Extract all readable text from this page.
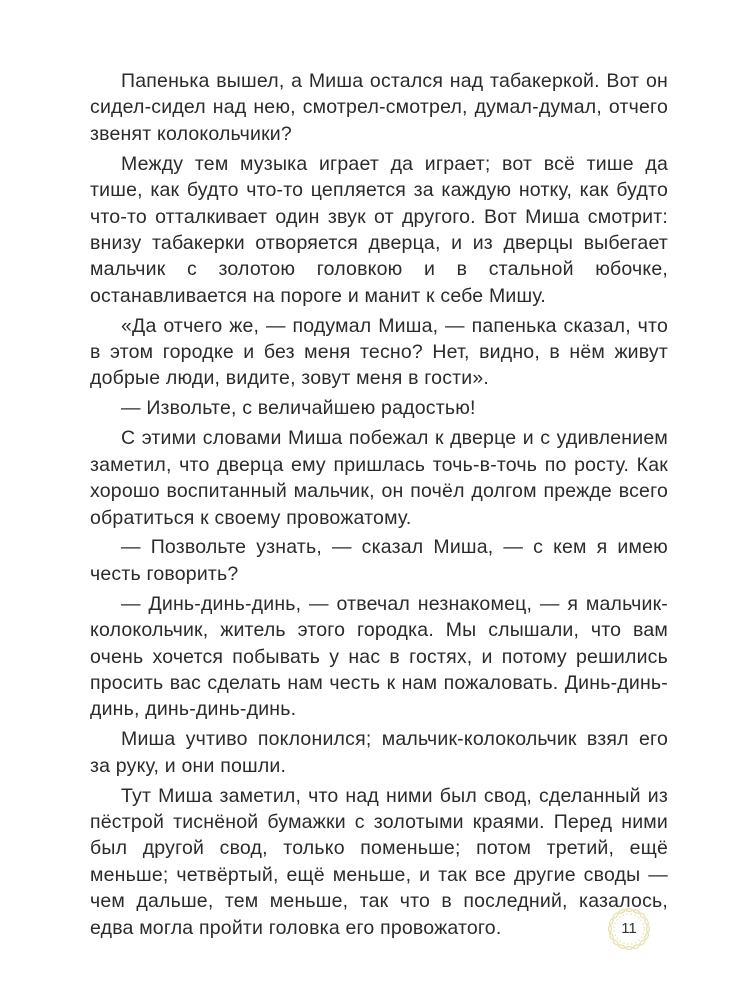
Папенька вышел, а Миша остался над табакеркой. Вот он сидел-сидел над нею, смотрел-смотрел, думал-думал, отчего звенят колокольчики?

Между тем музыка играет да играет; вот всё тише да тише, как будто что-то цепляется за каждую нотку, как будто что-то отталкивает один звук от другого. Вот Миша смотрит: внизу табакерки отворяется дверца, и из дверцы выбегает мальчик с золотою головкою и в стальной юбочке, останавливается на пороге и манит к себе Мишу.

«Да отчего же, — подумал Миша, — папенька сказал, что в этом городке и без меня тесно? Нет, видно, в нём живут добрые люди, видите, зовут меня в гости».

— Извольте, с величайшею радостью!

С этими словами Миша побежал к дверце и с удивлением заметил, что дверца ему пришлась точь-в-точь по росту. Как хорошо воспитанный мальчик, он почёл долгом прежде всего обратиться к своему провожатому.

— Позвольте узнать, — сказал Миша, — с кем я имею честь говорить?

— Динь-динь-динь, — отвечал незнакомец, — я мальчик-колокольчик, житель этого городка. Мы слышали, что вам очень хочется побывать у нас в гостях, и потому решились просить вас сделать нам честь к нам пожаловать. Динь-динь-динь, динь-динь-динь.

Миша учтиво поклонился; мальчик-колокольчик взял его за руку, и они пошли.

Тут Миша заметил, что над ними был свод, сделанный из пёстрой тиснёной бумажки с золотыми краями. Перед ними был другой свод, только поменьше; потом третий, ещё меньше; четвёртый, ещё меньше, и так все другие своды — чем дальше, тем меньше, так что в последний, казалось, едва могла пройти головка его провожатого.	11
